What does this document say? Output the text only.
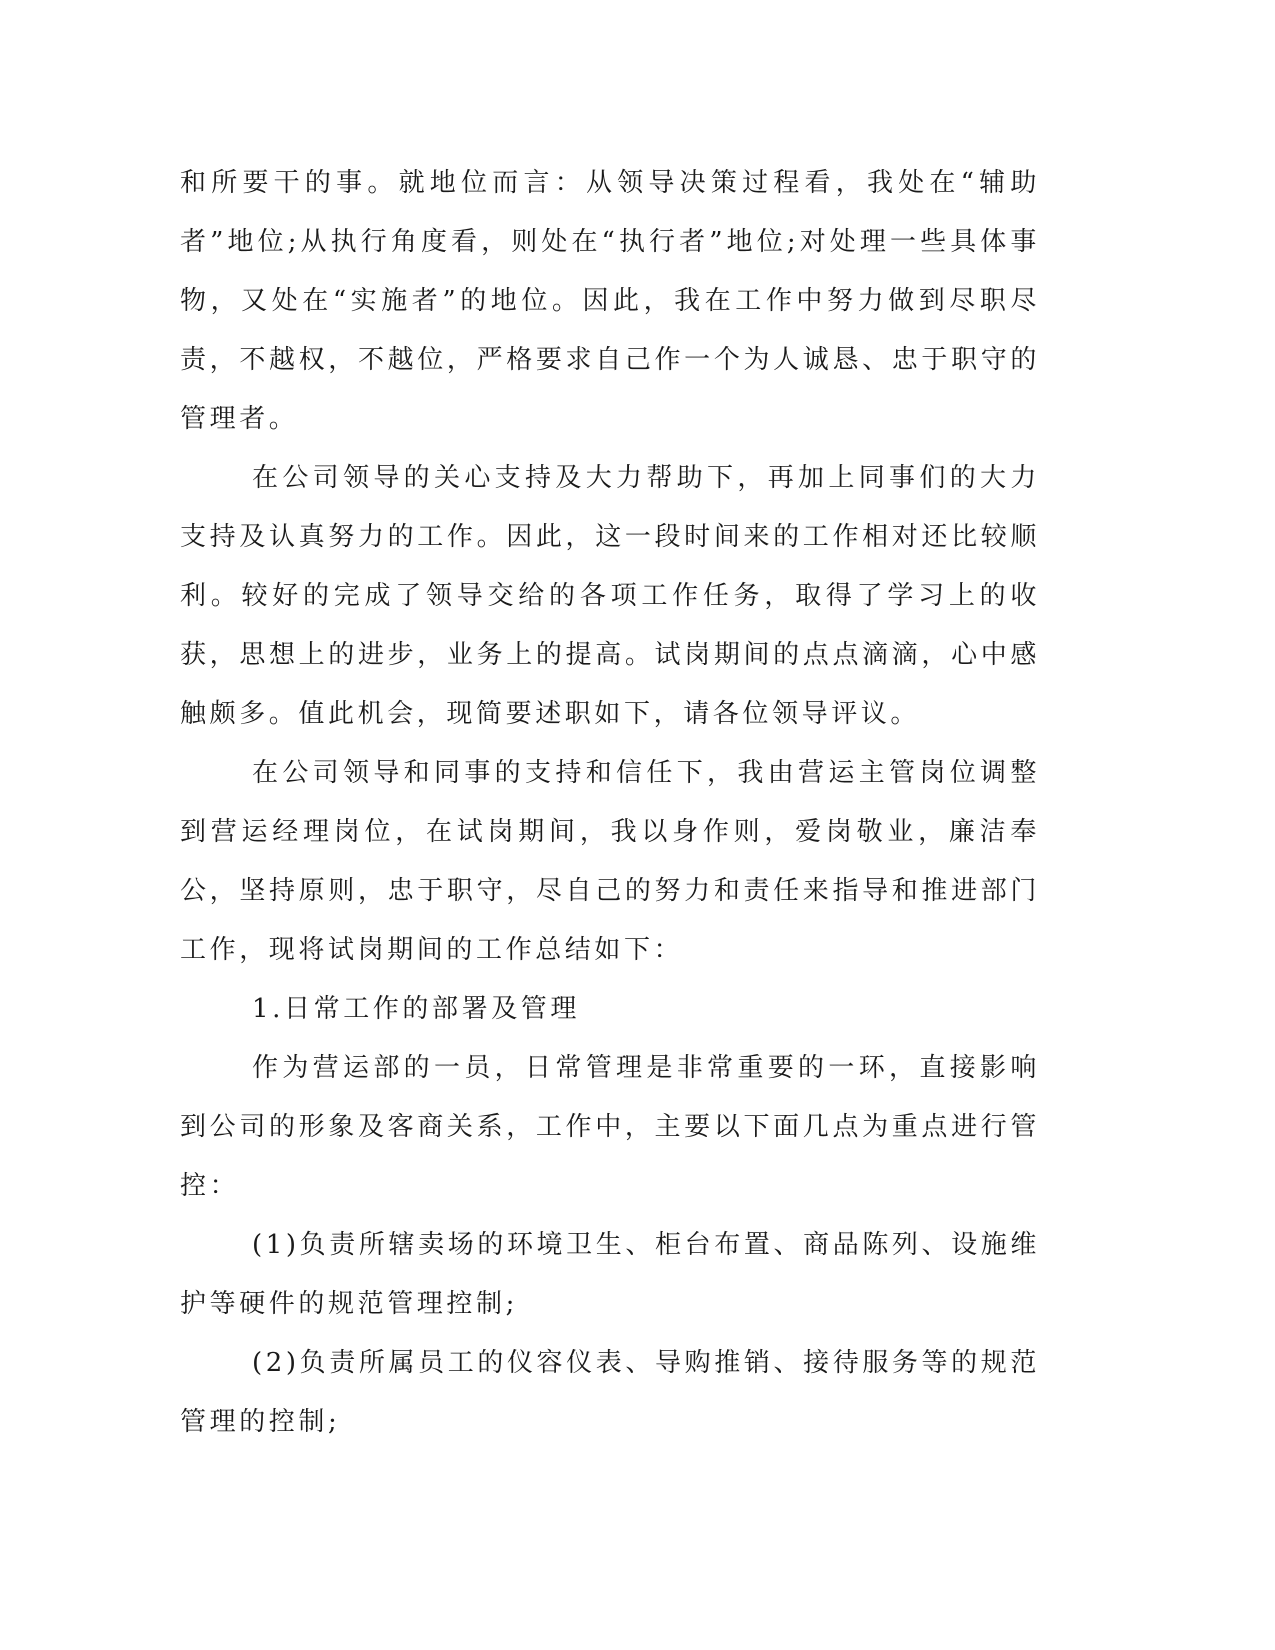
和所要干的事。就地位而言：从领导决策过程看，我处在“辅助者”地位;从执行角度看，则处在“执行者”地位;对处理一些具体事物，又处在“实施者”的地位。因此，我在工作中努力做到尽职尽责，不越权，不越位，严格要求自己作一个为人诚恳、忠于职守的管理者。

在公司领导的关心支持及大力帮助下，再加上同事们的大力支持及认真努力的工作。因此，这一段时间来的工作相对还比较顺利。较好的完成了领导交给的各项工作任务，取得了学习上的收获，思想上的进步，业务上的提高。试岗期间的点点滴滴，心中感触颇多。值此机会，现简要述职如下，请各位领导评议。

在公司领导和同事的支持和信任下，我由营运主管岗位调整到营运经理岗位，在试岗期间，我以身作则，爱岗敬业，廉洁奉公，坚持原则，忠于职守，尽自己的努力和责任来指导和推进部门工作，现将试岗期间的工作总结如下：

1.日常工作的部署及管理

作为营运部的一员，日常管理是非常重要的一环，直接影响到公司的形象及客商关系，工作中，主要以下面几点为重点进行管控：

(1)负责所辖卖场的环境卫生、柜台布置、商品陈列、设施维护等硬件的规范管理控制;

(2)负责所属员工的仪容仪表、导购推销、接待服务等的规范管理的控制;
